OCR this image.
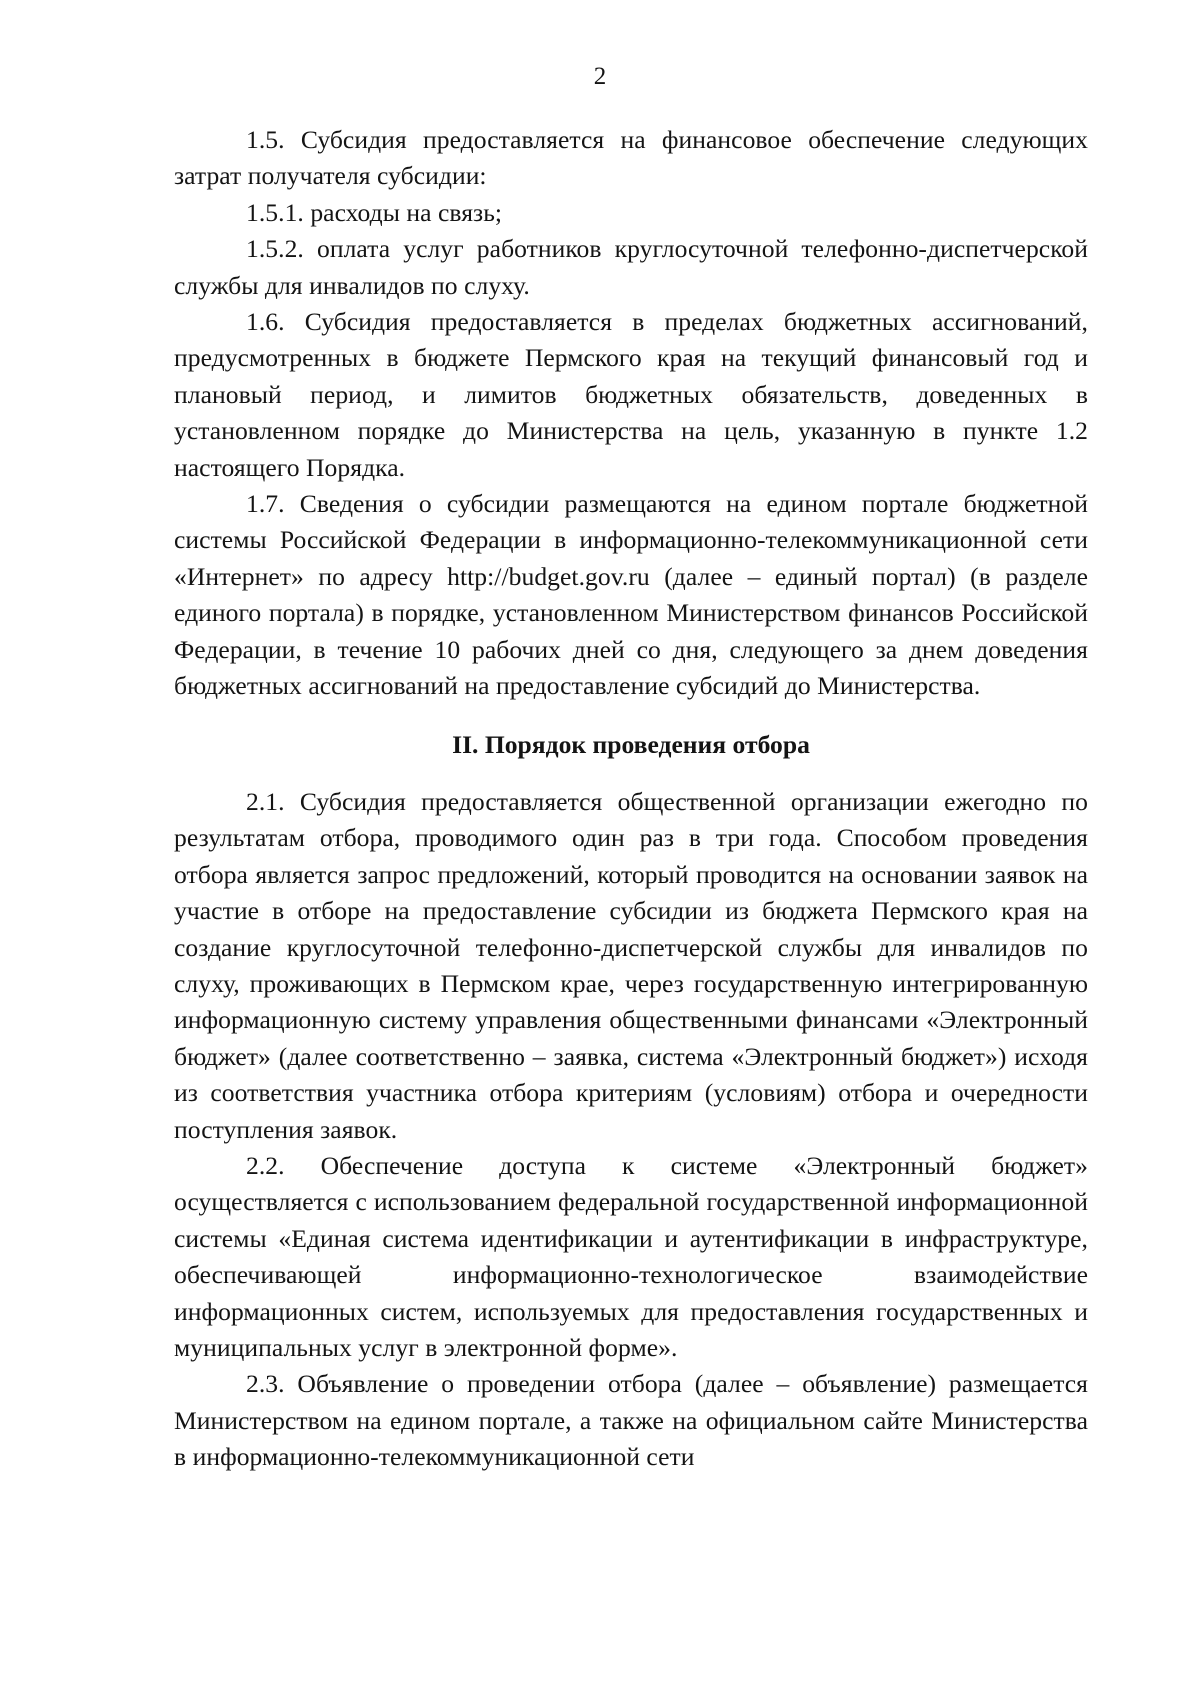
2

1.5. Субсидия предоставляется на финансовое обеспечение следующих затрат получателя субсидии:

1.5.1. расходы на связь;

1.5.2. оплата услуг работников круглосуточной телефонно-диспетчерской службы для инвалидов по слуху.

1.6. Субсидия предоставляется в пределах бюджетных ассигнований, предусмотренных в бюджете Пермского края на текущий финансовый год и плановый период, и лимитов бюджетных обязательств, доведенных в установленном порядке до Министерства на цель, указанную в пункте 1.2 настоящего Порядка.

1.7. Сведения о субсидии размещаются на едином портале бюджетной системы Российской Федерации в информационно-телекоммуникационной сети «Интернет» по адресу http://budget.gov.ru (далее – единый портал) (в разделе единого портала) в порядке, установленном Министерством финансов Российской Федерации, в течение 10 рабочих дней со дня, следующего за днем доведения бюджетных ассигнований на предоставление субсидий до Министерства.

II. Порядок проведения отбора

2.1. Субсидия предоставляется общественной организации ежегодно по результатам отбора, проводимого один раз в три года. Способом проведения отбора является запрос предложений, который проводится на основании заявок на участие в отборе на предоставление субсидии из бюджета Пермского края на создание круглосуточной телефонно-диспетчерской службы для инвалидов по слуху, проживающих в Пермском крае, через государственную интегрированную информационную систему управления общественными финансами «Электронный бюджет» (далее соответственно – заявка, система «Электронный бюджет») исходя из соответствия участника отбора критериям (условиям) отбора и очередности поступления заявок.

2.2. Обеспечение доступа к системе «Электронный бюджет» осуществляется с использованием федеральной государственной информационной системы «Единая система идентификации и аутентификации в инфраструктуре, обеспечивающей информационно-технологическое взаимодействие информационных систем, используемых для предоставления государственных и муниципальных услуг в электронной форме».

2.3. Объявление о проведении отбора (далее – объявление) размещается Министерством на едином портале, а также на официальном сайте Министерства в информационно-телекоммуникационной сети
